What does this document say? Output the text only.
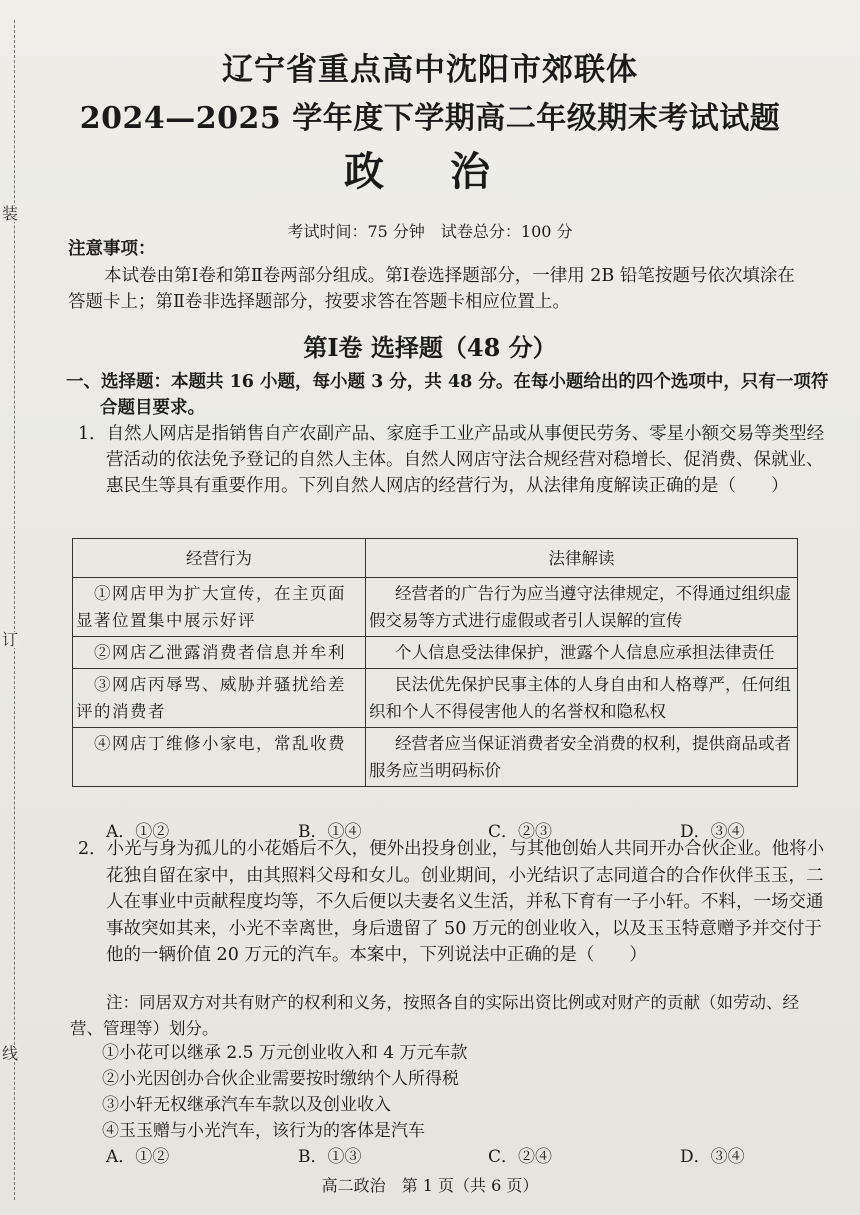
装
订
线
辽宁省重点高中沈阳市郊联体
2024—2025 学年度下学期高二年级期末考试试题
政 治
考试时间：75 分钟　试卷总分：100 分
注意事项：
本试卷由第Ⅰ卷和第Ⅱ卷两部分组成。第Ⅰ卷选择题部分，一律用 2B 铅笔按题号依次填涂在答题卡上；第Ⅱ卷非选择题部分，按要求答在答题卡相应位置上。
第Ⅰ卷 选择题（48 分）
一、选择题：本题共 16 小题，每小题 3 分，共 48 分。在每小题给出的四个选项中，只有一项符合题目要求。
1．自然人网店是指销售自产农副产品、家庭手工业产品或从事便民劳务、零星小额交易等类型经营活动的依法免予登记的自然人主体。自然人网店守法合规经营对稳增长、促消费、保就业、惠民生等具有重要作用。下列自然人网店的经营行为，从法律角度解读正确的是（　　）
经营行为	法律解读
①网店甲为扩大宣传，在主页面显著位置集中展示好评	经营者的广告行为应当遵守法律规定，不得通过组织虚假交易等方式进行虚假或者引人误解的宣传
②网店乙泄露消费者信息并牟利	个人信息受法律保护，泄露个人信息应承担法律责任
③网店丙辱骂、威胁并骚扰给差评的消费者	民法优先保护民事主体的人身自由和人格尊严，任何组织和个人不得侵害他人的名誉权和隐私权
④网店丁维修小家电，常乱收费	经营者应当保证消费者安全消费的权利，提供商品或者服务应当明码标价
A．①②	B．①④	C．②③	D．③④
2．小光与身为孤儿的小花婚后不久，便外出投身创业，与其他创始人共同开办合伙企业。他将小花独自留在家中，由其照料父母和女儿。创业期间，小光结识了志同道合的合作伙伴玉玉，二人在事业中贡献程度均等，不久后便以夫妻名义生活，并私下育有一子小轩。不料，一场交通事故突如其来，小光不幸离世，身后遗留了 50 万元的创业收入，以及玉玉特意赠予并交付于他的一辆价值 20 万元的汽车。本案中，下列说法中正确的是（　　）
注：同居双方对共有财产的权利和义务，按照各自的实际出资比例或对财产的贡献（如劳动、经营、管理等）划分。
①小花可以继承 2.5 万元创业收入和 4 万元车款
②小光因创办合伙企业需要按时缴纳个人所得税
③小轩无权继承汽车车款以及创业收入
④玉玉赠与小光汽车，该行为的客体是汽车
A．①②	B．①③	C．②④	D．③④
高二政治　第 1 页（共 6 页）
